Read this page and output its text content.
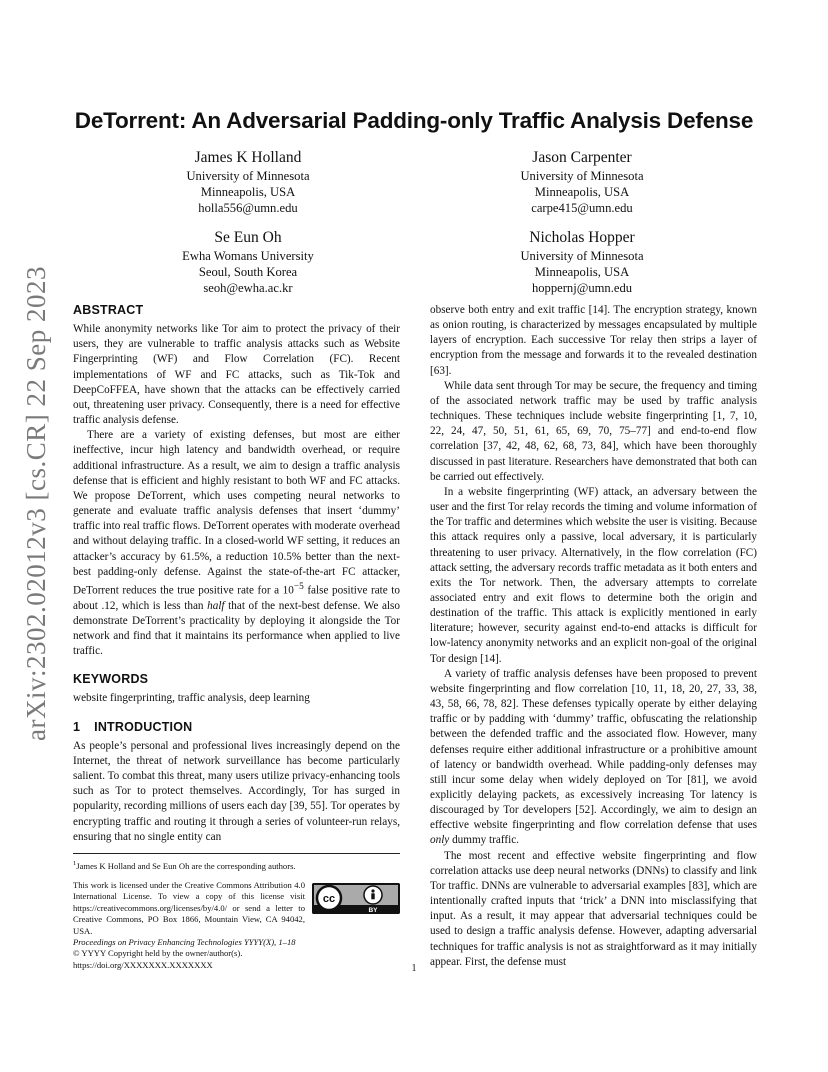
arXiv:2302.02012v3 [cs.CR] 22 Sep 2023
DeTorrent: An Adversarial Padding-only Traffic Analysis Defense
James K Holland
University of Minnesota
Minneapolis, USA
holla556@umn.edu
Jason Carpenter
University of Minnesota
Minneapolis, USA
carpe415@umn.edu
Se Eun Oh
Ewha Womans University
Seoul, South Korea
seoh@ewha.ac.kr
Nicholas Hopper
University of Minnesota
Minneapolis, USA
hoppernj@umn.edu
ABSTRACT

While anonymity networks like Tor aim to protect the privacy of their users, they are vulnerable to traffic analysis attacks such as Website Fingerprinting (WF) and Flow Correlation (FC). Recent implementations of WF and FC attacks, such as Tik-Tok and DeepCoFFEA, have shown that the attacks can be effectively carried out, threatening user privacy. Consequently, there is a need for effective traffic analysis defense.

There are a variety of existing defenses, but most are either ineffective, incur high latency and bandwidth overhead, or require additional infrastructure. As a result, we aim to design a traffic analysis defense that is efficient and highly resistant to both WF and FC attacks. We propose DeTorrent, which uses competing neural networks to generate and evaluate traffic analysis defenses that insert ‘dummy’ traffic into real traffic flows. DeTorrent operates with moderate overhead and without delaying traffic. In a closed-world WF setting, it reduces an attacker’s accuracy by 61.5%, a reduction 10.5% better than the next-best padding-only defense. Against the state-of-the-art FC attacker, DeTorrent reduces the true positive rate for a $10^{-5}$ false positive rate to about .12, which is less than half that of the next-best defense. We also demonstrate DeTorrent’s practicality by deploying it alongside the Tor network and find that it maintains its performance when applied to live traffic.

KEYWORDS

website fingerprinting, traffic analysis, deep learning

1 INTRODUCTION

As people’s personal and professional lives increasingly depend on the Internet, the threat of network surveillance has become particularly salient. To combat this threat, many users utilize privacy-enhancing tools such as Tor to protect themselves. Accordingly, Tor has surged in popularity, recording millions of users each day [39, 55]. Tor operates by encrypting traffic and routing it through a series of volunteer-run relays, ensuring that no single entity can

$^1$James K Holland and Se Eun Oh are the corresponding authors.
This work is licensed under the Creative Commons Attribution 4.0 International License. To view a copy of this license visit https://creativecommons.org/licenses/by/4.0/ or send a letter to Creative Commons, PO Box 1866, Mountain View, CA 94042, USA.
Proceedings on Privacy Enhancing Technologies YYYY(X), 1–18
© YYYY Copyright held by the owner/author(s).
https://doi.org/XXXXXXX.XXXXXXX
cc
BY

observe both entry and exit traffic [14]. The encryption strategy, known as onion routing, is characterized by messages encapsulated by multiple layers of encryption. Each successive Tor relay then strips a layer of encryption from the message and forwards it to the revealed destination [63].

While data sent through Tor may be secure, the frequency and timing of the associated network traffic may be used by traffic analysis techniques. These techniques include website fingerprinting [1, 7, 10, 22, 24, 47, 50, 51, 61, 65, 69, 70, 75–77] and end-to-end flow correlation [37, 42, 48, 62, 68, 73, 84], which have been thoroughly discussed in past literature. Researchers have demonstrated that both can be carried out effectively.

In a website fingerprinting (WF) attack, an adversary between the user and the first Tor relay records the timing and volume information of the Tor traffic and determines which website the user is visiting. Because this attack requires only a passive, local adversary, it is particularly threatening to user privacy. Alternatively, in the flow correlation (FC) attack setting, the adversary records traffic metadata as it both enters and exits the Tor network. Then, the adversary attempts to correlate associated entry and exit flows to determine both the origin and destination of the traffic. This attack is explicitly mentioned in early literature; however, security against end-to-end attacks is difficult for low-latency anonymity networks and an explicit non-goal of the original Tor design [14].

A variety of traffic analysis defenses have been proposed to prevent website fingerprinting and flow correlation [10, 11, 18, 20, 27, 33, 38, 43, 58, 66, 78, 82]. These defenses typically operate by either delaying traffic or by padding with ‘dummy’ traffic, obfuscating the relationship between the defended traffic and the associated flow. However, many defenses require either additional infrastructure or a prohibitive amount of latency or bandwidth overhead. While padding-only defenses may still incur some delay when widely deployed on Tor [81], we avoid explicitly delaying packets, as excessively increasing Tor latency is discouraged by Tor developers [52]. Accordingly, we aim to design an effective website fingerprinting and flow correlation defense that uses only dummy traffic.

The most recent and effective website fingerprinting and flow correlation attacks use deep neural networks (DNNs) to classify and link Tor traffic. DNNs are vulnerable to adversarial examples [83], which are intentionally crafted inputs that ‘trick’ a DNN into misclassifying that input. As a result, it may appear that adversarial techniques could be used to design a traffic analysis defense. However, adapting adversarial techniques for traffic analysis is not as straightforward as it may initially appear. First, the defense must

1
